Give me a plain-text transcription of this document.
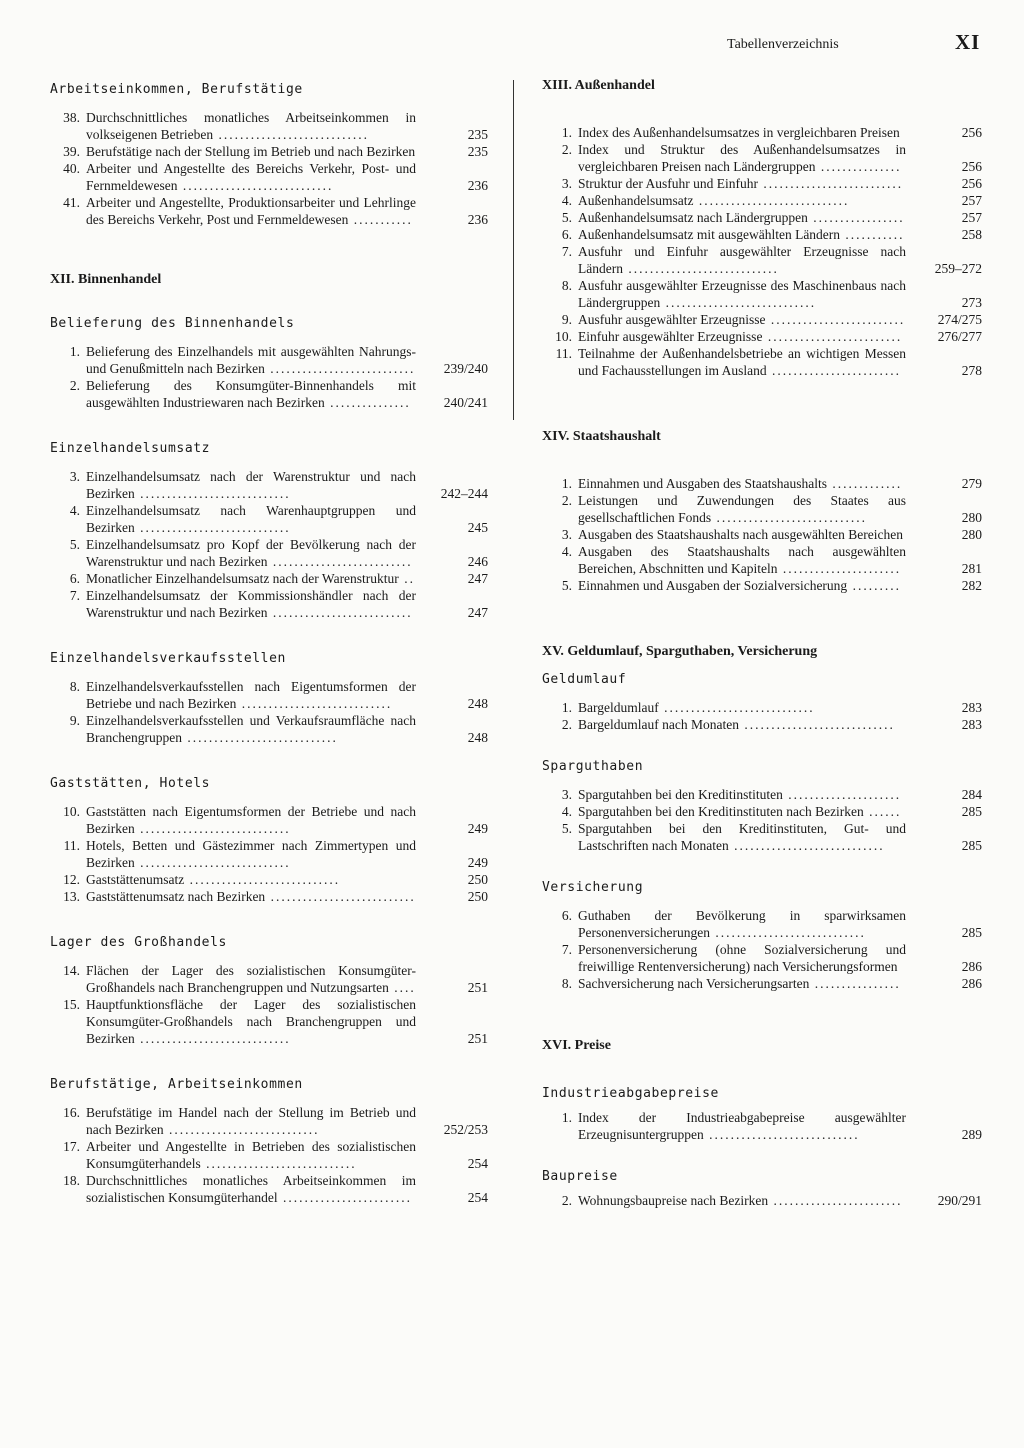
Tabellenverzeichnis	XI
Arbeitseinkommen, Berufstätige
38. Durchschnittliches monatliches Arbeitseinkommen in volkseigenen Betrieben ............................	235
39. Berufstätige nach der Stellung im Betrieb und nach Bezirken	235
40. Arbeiter und Angestellte des Bereichs Verkehr, Post- und Fernmeldewesen ............................	236
41. Arbeiter und Angestellte, Produktionsarbeiter und Lehrlinge des Bereichs Verkehr, Post und Fernmeldewesen ...........	236
XII. Binnenhandel
Belieferung des Binnenhandels
1. Belieferung des Einzelhandels mit ausgewählten Nahrungs- und Genußmitteln nach Bezirken ...........................	239/240
2. Belieferung des Konsumgüter-Binnenhandels mit ausgewählten Industriewaren nach Bezirken ...............	240/241
Einzelhandelsumsatz
3. Einzelhandelsumsatz nach der Warenstruktur und nach Bezirken ............................	242–244
4. Einzelhandelsumsatz nach Warenhauptgruppen und Bezirken ............................	245
5. Einzelhandelsumsatz pro Kopf der Bevölkerung nach der Warenstruktur und nach Bezirken ..........................	246
6. Monatlicher Einzelhandelsumsatz nach der Warenstruktur ..	247
7. Einzelhandelsumsatz der Kommissionshändler nach der Warenstruktur und nach Bezirken ..........................	247
Einzelhandelsverkaufsstellen
8. Einzelhandelsverkaufsstellen nach Eigentumsformen der Betriebe und nach Bezirken ............................	248
9. Einzelhandelsverkaufsstellen und Verkaufsraumfläche nach Branchengruppen ............................	248
Gaststätten, Hotels
10. Gaststätten nach Eigentumsformen der Betriebe und nach Bezirken ............................	249
11. Hotels, Betten und Gästezimmer nach Zimmertypen und Bezirken ............................	249
12. Gaststättenumsatz ............................	250
13. Gaststättenumsatz nach Bezirken ...........................	250
Lager des Großhandels
14. Flächen der Lager des sozialistischen Konsumgüter-Großhandels nach Branchengruppen und Nutzungsarten ....	251
15. Hauptfunktionsfläche der Lager des sozialistischen Konsumgüter-Großhandels nach Branchengruppen und Bezirken ............................	251
Berufstätige, Arbeitseinkommen
16. Berufstätige im Handel nach der Stellung im Betrieb und nach Bezirken ............................	252/253
17. Arbeiter und Angestellte in Betrieben des sozialistischen Konsumgüterhandels ............................	254
18. Durchschnittliches monatliches Arbeitseinkommen im sozialistischen Konsumgüterhandel ........................	254
XIII. Außenhandel
1. Index des Außenhandelsumsatzes in vergleichbaren Preisen	256
2. Index und Struktur des Außenhandelsumsatzes in vergleichbaren Preisen nach Ländergruppen ...............	256
3. Struktur der Ausfuhr und Einfuhr ..........................	256
4. Außenhandelsumsatz ............................	257
5. Außenhandelsumsatz nach Ländergruppen .................	257
6. Außenhandelsumsatz mit ausgewählten Ländern ...........	258
7. Ausfuhr und Einfuhr ausgewählter Erzeugnisse nach Ländern ............................	259–272
8. Ausfuhr ausgewählter Erzeugnisse des Maschinenbaus nach Ländergruppen ............................	273
9. Ausfuhr ausgewählter Erzeugnisse .........................	274/275
10. Einfuhr ausgewählter Erzeugnisse .........................	276/277
11. Teilnahme der Außenhandelsbetriebe an wichtigen Messen und Fachausstellungen im Ausland ........................	278
XIV. Staatshaushalt
1. Einnahmen und Ausgaben des Staatshaushalts .............	279
2. Leistungen und Zuwendungen des Staates aus gesellschaftlichen Fonds ............................	280
3. Ausgaben des Staatshaushalts nach ausgewählten Bereichen	280
4. Ausgaben des Staatshaushalts nach ausgewählten Bereichen, Abschnitten und Kapiteln ......................	281
5. Einnahmen und Ausgaben der Sozialversicherung .........	282
XV. Geldumlauf, Sparguthaben, Versicherung
Geldumlauf
1. Bargeldumlauf ............................	283
2. Bargeldumlauf nach Monaten ............................	283
Sparguthaben
3. Spargutahben bei den Kreditinstituten .....................	284
4. Spargutahben bei den Kreditinstituten nach Bezirken ......	285
5. Spargutahben bei den Kreditinstituten, Gut- und Lastschriften nach Monaten ............................	285
Versicherung
6. Guthaben der Bevölkerung in sparwirksamen Personenversicherungen ............................	285
7. Personenversicherung (ohne Sozialversicherung und freiwillige Rentenversicherung) nach Versicherungsformen	286
8. Sachversicherung nach Versicherungsarten ................	286
XVI. Preise
Industrieabgabepreise
1. Index der Industrieabgabepreise ausgewählter Erzeugnisuntergruppen ............................	289
Baupreise
2. Wohnungsbaupreise nach Bezirken ........................	290/291
